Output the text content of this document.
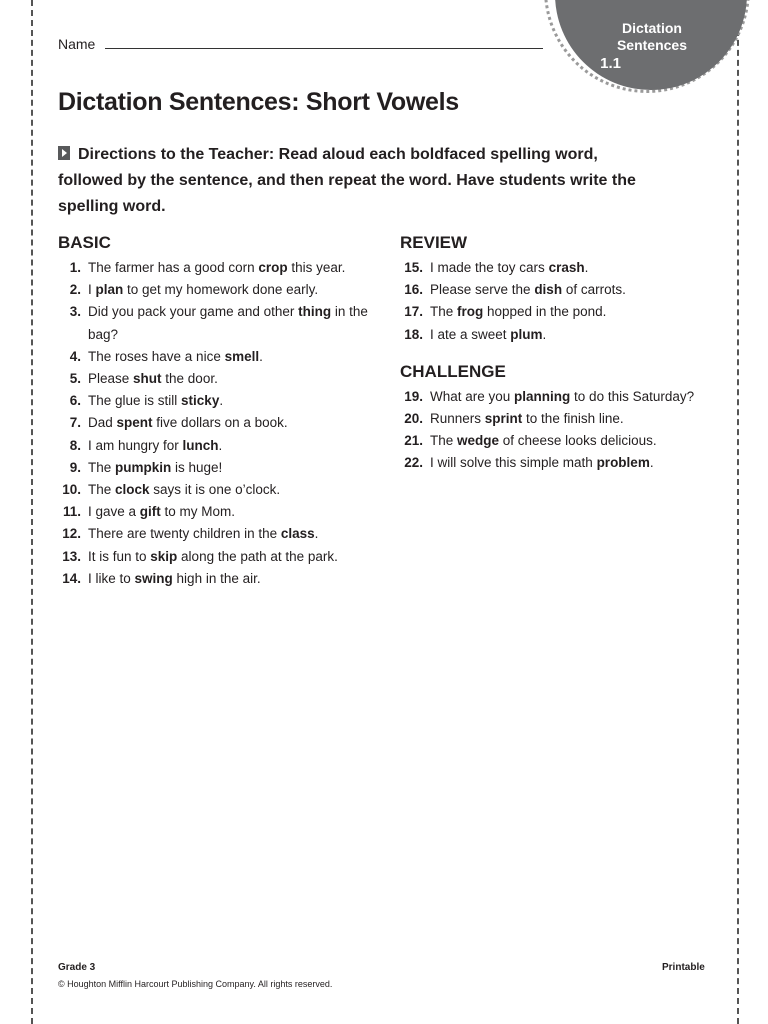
Dictation
Sentences
1.1
Name
Dictation Sentences: Short Vowels
Directions to the Teacher: Read aloud each boldfaced spelling word, followed by the sentence, and then repeat the word. Have students write the spelling word.
BASIC
1. The farmer has a good corn crop this year.
2. I plan to get my homework done early.
3. Did you pack your game and other thing in the bag?
4. The roses have a nice smell.
5. Please shut the door.
6. The glue is still sticky.
7. Dad spent five dollars on a book.
8. I am hungry for lunch.
9. The pumpkin is huge!
10. The clock says it is one o’clock.
11. I gave a gift to my Mom.
12. There are twenty children in the class.
13. It is fun to skip along the path at the park.
14. I like to swing high in the air.
REVIEW
15. I made the toy cars crash.
16. Please serve the dish of carrots.
17. The frog hopped in the pond.
18. I ate a sweet plum.
CHALLENGE
19. What are you planning to do this Saturday?
20. Runners sprint to the finish line.
21. The wedge of cheese looks delicious.
22. I will solve this simple math problem.
Grade 3
© Houghton Mifflin Harcourt Publishing Company. All rights reserved.
Printable
